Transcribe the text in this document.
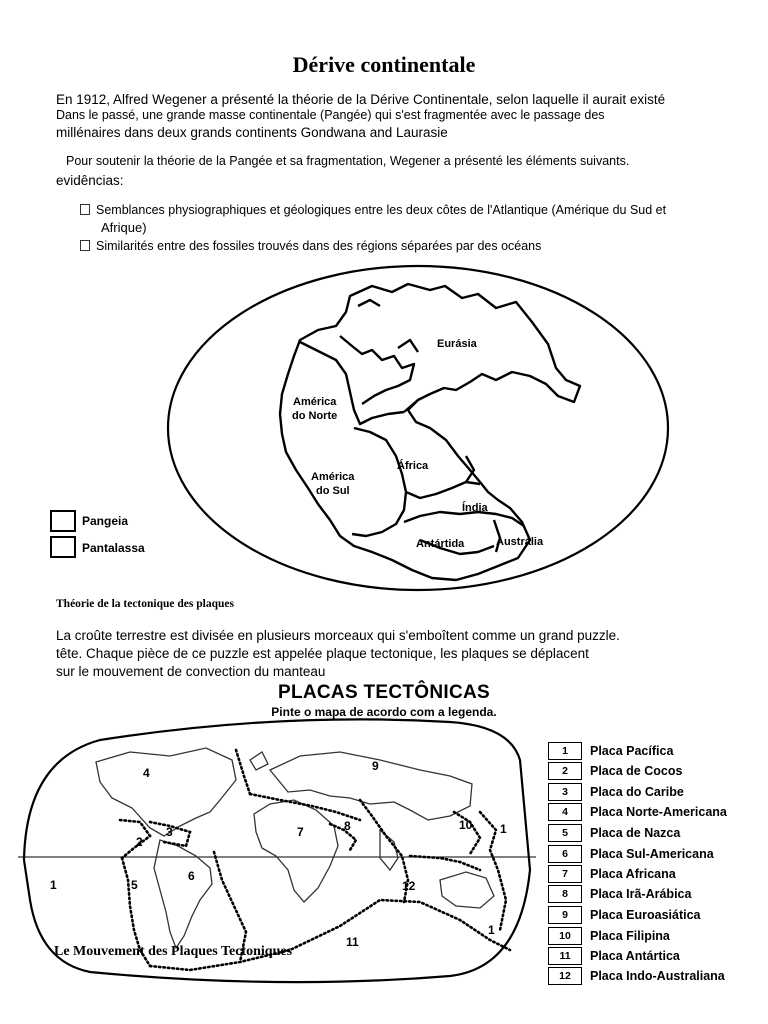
Dérive continentale
En 1912, Alfred Wegener a présenté la théorie de la Dérive Continentale, selon laquelle il aurait existé
Dans le passé, une grande masse continentale (Pangée) qui s'est fragmentée avec le passage des
millénaires dans deux grands continents Gondwana and Laurasie
Pour soutenir la théorie de la Pangée et sa fragmentation, Wegener a présenté les éléments suivants.
evidências:
Semblances physiographiques et géologiques entre les deux côtes de l'Atlantique (Amérique du Sud et
Afrique)
Similarités entre des fossiles trouvés dans des régions séparées par des océans
Eurásia
América
do Norte
África
América
do Sul
Índia
Antártida	Austrália
Pangeia
Pantalassa
Théorie de la tectonique des plaques
La croûte terrestre est divisée en plusieurs morceaux qui s'emboîtent comme un grand puzzle.
tête. Chaque pièce de ce puzzle est appelée plaque tectonique, les plaques se déplacent
sur le mouvement de convection du manteau
PLACAS TECTÔNICAS
Pinte o mapa de acordo com a legenda.
4	9
3
2
7	8	10 1
1	5
6
12
11
1
1	Placa Pacífica
2	Placa de Cocos
3	Placa do Caribe
4	Placa Norte-Americana
5	Placa de Nazca
6	Placa Sul-Americana
7	Placa Africana
8	Placa Irã-Arábica
9	Placa Euroasiática
10	Placa Filipina
11	Placa Antártica
12	Placa Indo-Australiana
Le Mouvement des Plaques Tectoniques
